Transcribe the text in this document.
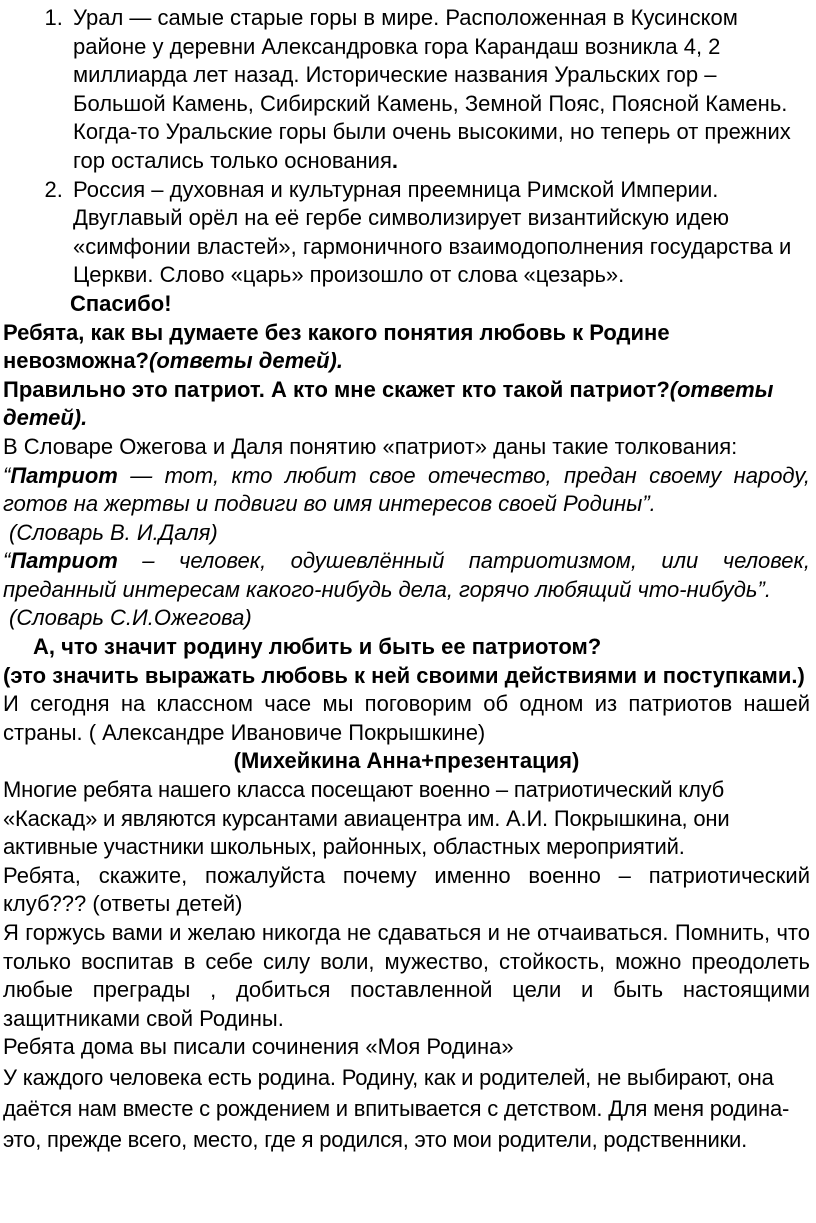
1. Урал — самые старые горы в мире. Расположенная в Кусинском районе у деревни Александровка гора Карандаш возникла 4, 2 миллиарда лет назад. Исторические названия Уральских гор – Большой Камень, Сибирский Камень, Земной Пояс, Поясной Камень. Когда-то Уральские горы были очень высокими, но теперь от прежних гор остались только основания.
2. Россия – духовная и культурная преемница Римской Империи. Двуглавый орёл на её гербе символизирует византийскую идею «симфонии властей», гармоничного взаимодополнения государства и Церкви. Слово «царь» произошло от слова «цезарь».

Спасибо!

Ребята, как вы думаете без какого понятия любовь к Родине невозможна?(ответы детей).

Правильно это патриот. А кто мне скажет кто такой патриот?(ответы детей).

В Словаре Ожегова и Даля понятию «патриот» даны такие толкования:

“Патриот — тот, кто любит свое отечество, предан своему народу, готов на жертвы и подвиги во имя интересов своей Родины”.

(Словарь В. И.Даля)

“Патриот – человек, одушевлённый патриотизмом, или человек, преданный интересам какого-нибудь дела, горячо любящий что-нибудь”.

(Словарь С.И.Ожегова)

А, что значит родину любить и быть ее патриотом?

(это значить выражать любовь к ней своими действиями и поступками.)

И сегодня на классном часе мы поговорим об одном из патриотов нашей страны. ( Александре Ивановиче Покрышкине)

(Михейкина Анна+презентация)

Многие ребята нашего класса посещают военно – патриотический клуб «Каскад» и являются курсантами авиацентра им. А.И. Покрышкина, они активные участники школьных, районных, областных мероприятий.

Ребята, скажите, пожалуйста почему именно военно – патриотический клуб??? (ответы детей)

Я горжусь вами и желаю никогда не сдаваться и не отчаиваться. Помнить, что только воспитав в себе силу воли, мужество, стойкость, можно преодолеть любые преграды , добиться поставленной цели и быть настоящими защитниками свой Родины.

Ребята дома вы писали сочинения «Моя Родина»

У каждого человека есть родина. Родину, как и родителей, не выбирают, она даётся нам вместе с рождением и впитывается с детством. Для меня родина-это, прежде всего, место, где я родился, это мои родители, родственники.
